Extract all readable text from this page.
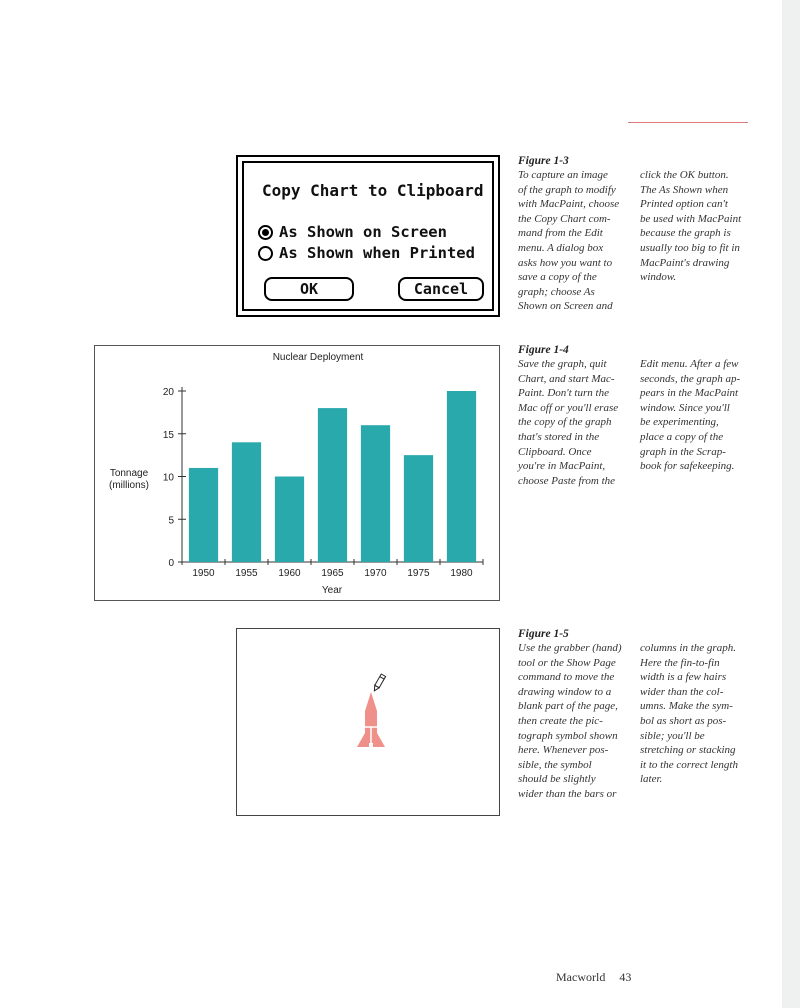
Copy Chart to Clipboard
As Shown on Screen
As Shown when Printed
OK	Cancel
Figure 1-3
To capture an image
of the graph to modify
with MacPaint, choose
the Copy Chart com-
mand from the Edit
menu. A dialog box
asks how you want to
save a copy of the
graph; choose As
Shown on Screen and
click the OK button.
The As Shown when
Printed option can't
be used with MacPaint
because the graph is
usually too big to fit in
MacPaint's drawing
window.
Nuclear Deployment
Tonnage (millions)
Year
0
5
10
15
20
1950 1955 1960 1965 1970 1975 1980
Figure 1-4
Save the graph, quit
Chart, and start Mac-
Paint. Don't turn the
Mac off or you'll erase
the copy of the graph
that's stored in the
Clipboard. Once
you're in MacPaint,
choose Paste from the
Edit menu. After a few
seconds, the graph ap-
pears in the MacPaint
window. Since you'll
be experimenting,
place a copy of the
graph in the Scrap-
book for safekeeping.
Figure 1-5
Use the grabber (hand)
tool or the Show Page
command to move the
drawing window to a
blank part of the page,
then create the pic-
tograph symbol shown
here. Whenever pos-
sible, the symbol
should be slightly
wider than the bars or
columns in the graph.
Here the fin-to-fin
width is a few hairs
wider than the col-
umns. Make the sym-
bol as short as pos-
sible; you'll be
stretching or stacking
it to the correct length
later.
Macworld 43
